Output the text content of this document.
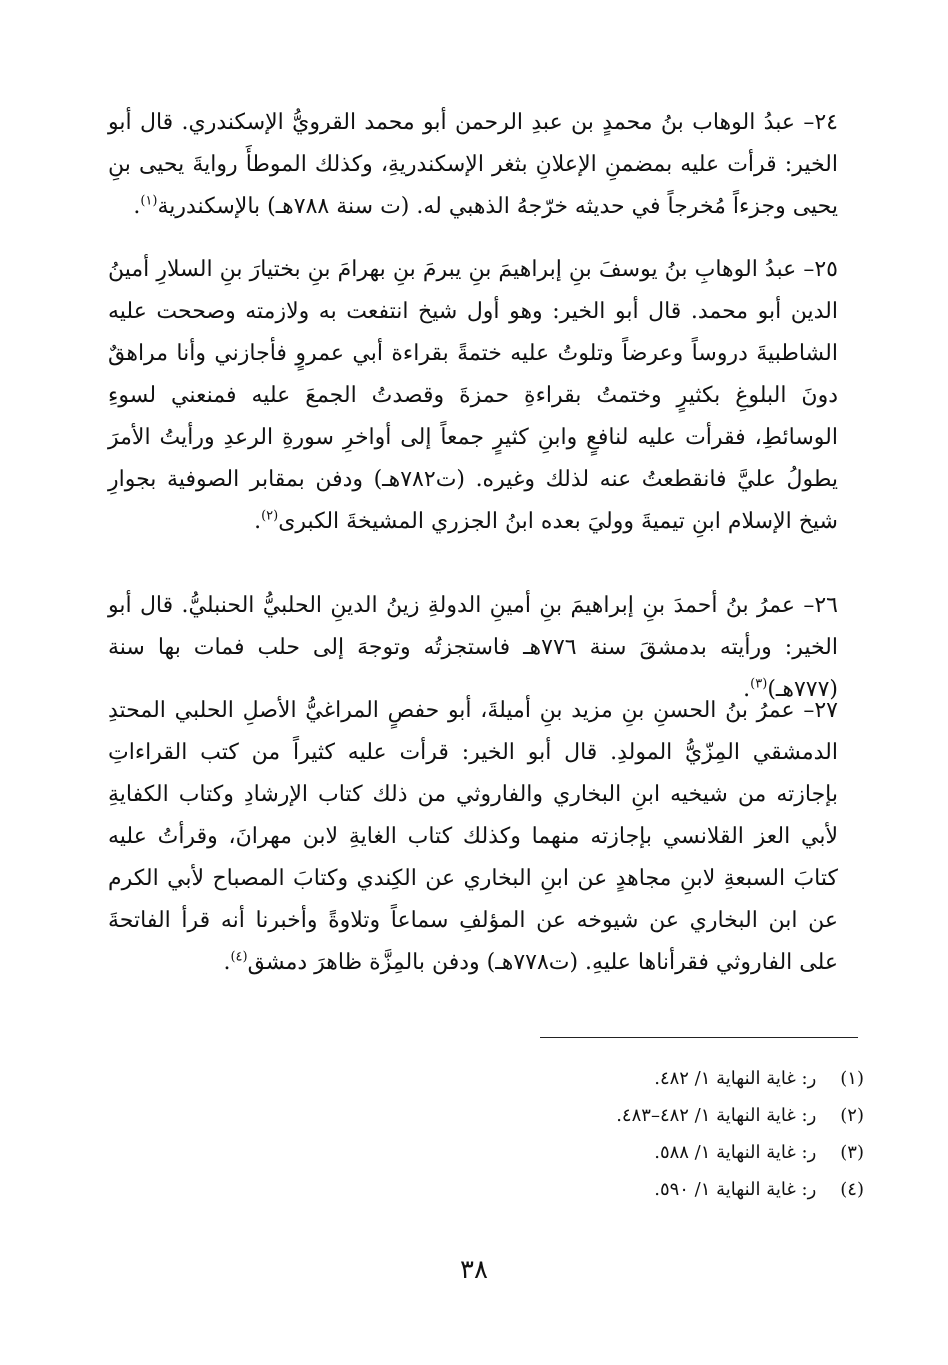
٢٤– عبدُ الوهاب بنُ محمدٍ بن عبدِ الرحمن أبو محمد القرويُّ الإسكندري. قال أبو الخير: قرأت عليه بمضمنِ الإعلانِ بثغر الإسكندريةِ، وكذلك الموطأَ روايةَ يحيى بنِ يحيى وجزءاً مُخرجاً في حديثه خرّجهُ الذهبي له. (ت سنة ٧٨٨هـ) بالإسكندرية$^{(١)}$.

٢٥– عبدُ الوهابِ بنُ يوسفَ بنِ إبراهيمَ بنِ يبرمَ بنِ بهرامَ بنِ بختيارَ بنِ السلارِ أمينُ الدين أبو محمد. قال أبو الخير: وهو أول شيخ انتفعت به ولازمته وصححت عليه الشاطبيةَ دروساً وعرضاً وتلوتُ عليه ختمةً بقراءة أبي عمروٍ فأجازني وأنا مراهقٌ دونَ البلوغِ بكثيرٍ وختمتُ بقراءةِ حمزةَ وقصدتُ الجمعَ عليه فمنعني لسوءِ الوسائطِ، فقرأت عليه لنافعٍ وابنِ كثيرٍ جمعاً إلى أواخرِ سورةِ الرعدِ ورأيتُ الأمرَ يطولُ عليَّ فانقطعتُ عنه لذلك وغيره. (ت٧٨٢هـ) ودفن بمقابر الصوفية بجوارِ شيخ الإسلام ابنِ تيميةَ ووليَ بعده ابنُ الجزري المشيخةَ الكبرى$^{(٢)}$.

٢٦– عمرُ بنُ أحمدَ بنِ إبراهيمَ بنِ أمينِ الدولةِ زينُ الدينِ الحلبيُّ الحنبليُّ. قال أبو الخير: ورأيته بدمشقَ سنة ٧٧٦هـ فاستجزتُه وتوجهَ إلى حلب فمات بها سنة (٧٧٧هـ)$^{(٣)}$.

٢٧– عمرُ بنُ الحسنِ بنِ مزيد بنِ أميلةَ، أبو حفصٍ المراغيُّ الأصلِ الحلبي المحتدِ الدمشقي المِزّيُّ المولدِ. قال أبو الخير: قرأت عليه كثيراً من كتب القراءاتِ بإجازته من شيخيه ابنِ البخاري والفاروثي من ذلك كتاب الإرشادِ وكتاب الكفايةِ لأبي العز القلانسي بإجازته منهما وكذلك كتاب الغايةِ لابن مهرانَ، وقرأتُ عليه كتابَ السبعةِ لابنِ مجاهدٍ عن ابنِ البخاري عن الكِندي وكتابَ المصباح لأبي الكرم عن ابن البخاري عن شيوخه عن المؤلفِ سماعاً وتلاوةً وأخبرنا أنه قرأ الفاتحةَ على الفاروثي فقرأناها عليهِ. (ت٧٧٨هـ) ودفن بالمِزَّة ظاهرَ دمشق$^{(٤)}$.

(١) ر: غاية النهاية ١/ ٤٨٢.
(٢) ر: غاية النهاية ١/ ٤٨٢–٤٨٣.
(٣) ر: غاية النهاية ١/ ٥٨٨.
(٤) ر: غاية النهاية ١/ ٥٩٠.
٣٨
